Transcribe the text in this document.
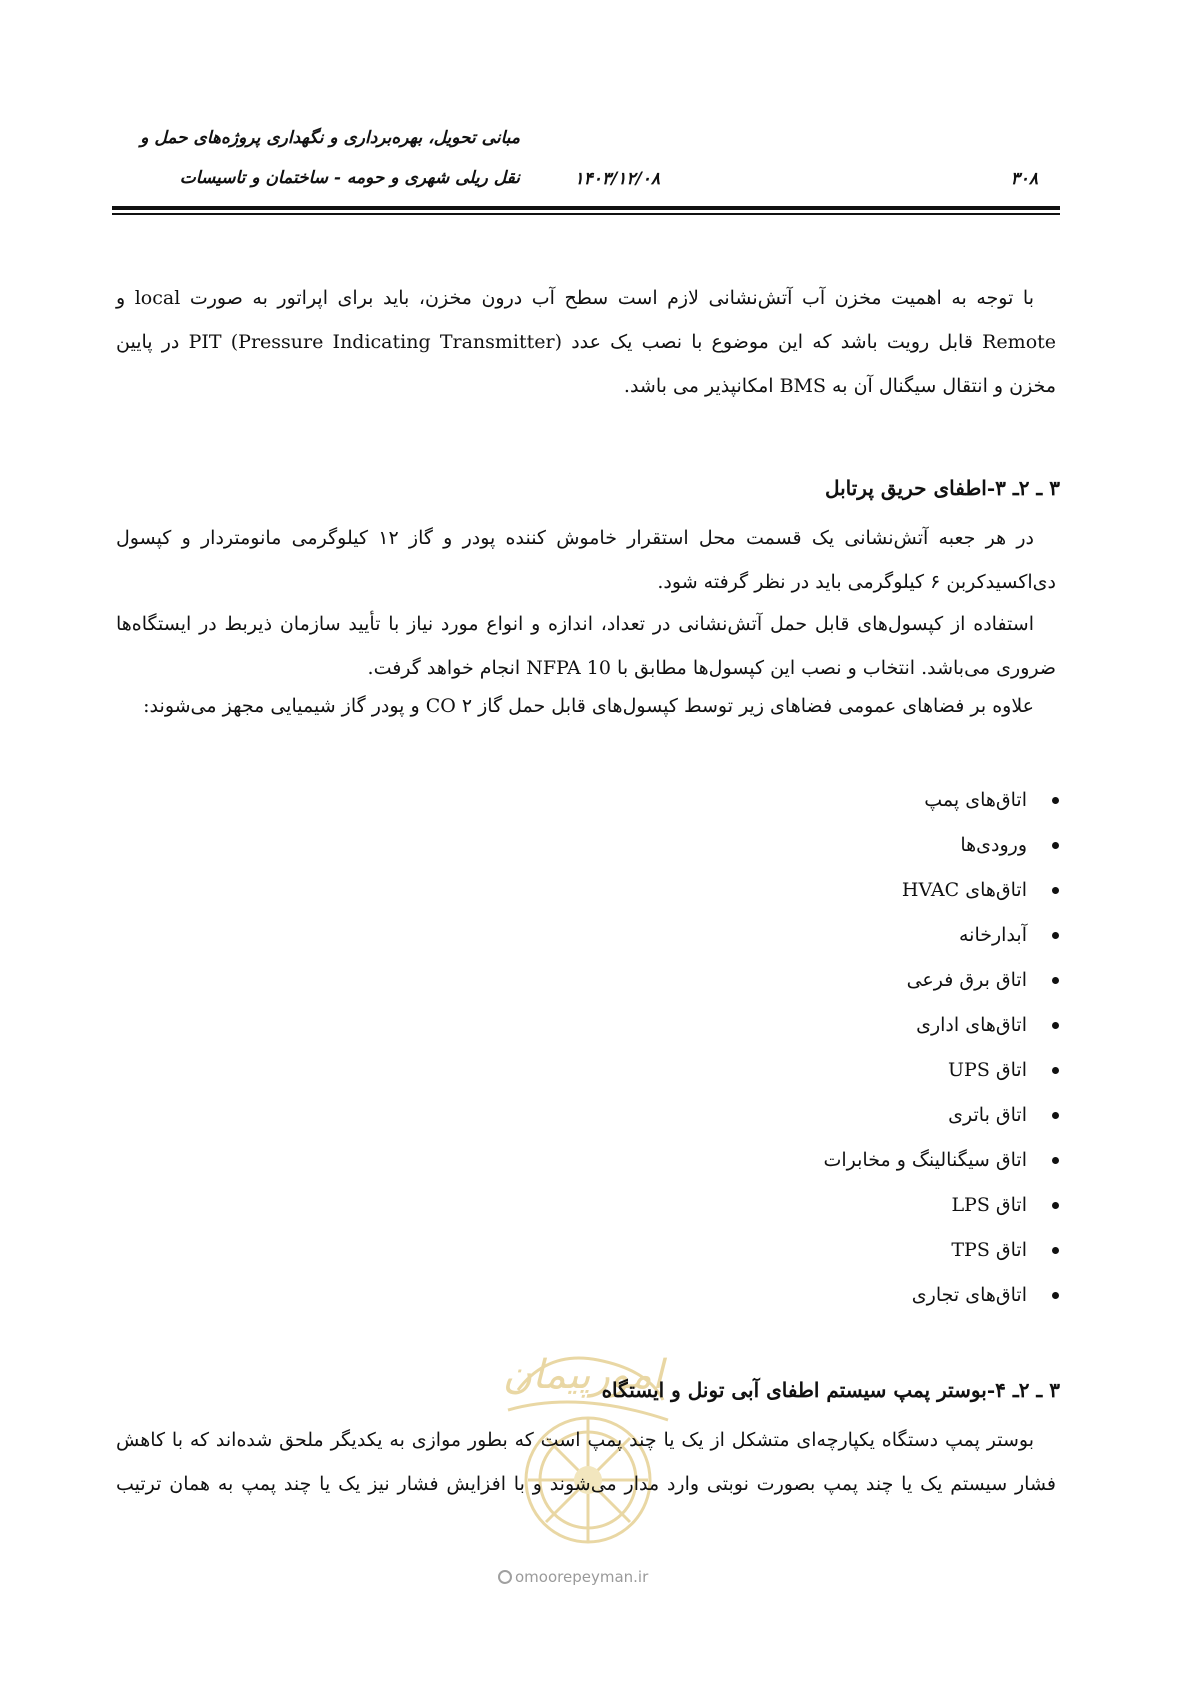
مبانی تحویل، بهره‌برداری و نگهداری پروژه‌های حمل و
نقل ریلی شهری و حومه - ساختمان و تاسیسات	۱۴۰۳/۱۲/۰۸	۳۰۸

با توجه به اهمیت مخزن آب آتش‌نشانی لازم است سطح آب درون مخزن، باید برای اپراتور به صورت local و Remote قابل رویت باشد که این موضوع با نصب یک عدد PIT (Pressure Indicating Transmitter) در پایین مخزن و انتقال سیگنال آن به BMS امکانپذیر می باشد.

۳ ـ ۲ـ ۳-اطفای حریق پرتابل

در هر جعبه آتش‌نشانی یک قسمت محل استقرار خاموش کننده پودر و گاز ۱۲ کیلوگرمی مانومتردار و کپسول دی‌اکسیدکربن ۶ کیلوگرمی باید در نظر گرفته شود.

استفاده از کپسول‌های قابل حمل آتش‌نشانی در تعداد، اندازه و انواع مورد نیاز با تأیید سازمان ذیربط در ایستگاه‌ها ضروری می‌باشد. انتخاب و نصب این کپسول‌ها مطابق با NFPA 10 انجام خواهد گرفت.

علاوه بر فضاهای عمومی فضاهای زیر توسط کپسول‌های قابل حمل گاز CO ۲ و پودر گاز شیمیایی مجهز می‌شوند:

اتاق‌های پمپ
ورودی‌ها
اتاق‌های HVAC
آبدارخانه
اتاق برق فرعی
اتاق‌های اداری
اتاق UPS
اتاق باتری
اتاق سیگنالینگ و مخابرات
اتاق LPS
اتاق TPS
اتاق‌های تجاری
امورپیمان
۳ ـ ۲ـ ۴-بوستر پمپ سیستم اطفای آبی تونل و ایستگاه

بوستر پمپ دستگاه یکپارچه‌ای متشکل از یک یا چند پمپ است که بطور موازی به یکدیگر ملحق شده‌اند که با کاهش فشار سیستم یک یا چند پمپ بصورت نوبتی وارد مدار می‌شوند و با افزایش فشار نیز یک یا چند پمپ به همان ترتیب

omoorepeyman.ir
